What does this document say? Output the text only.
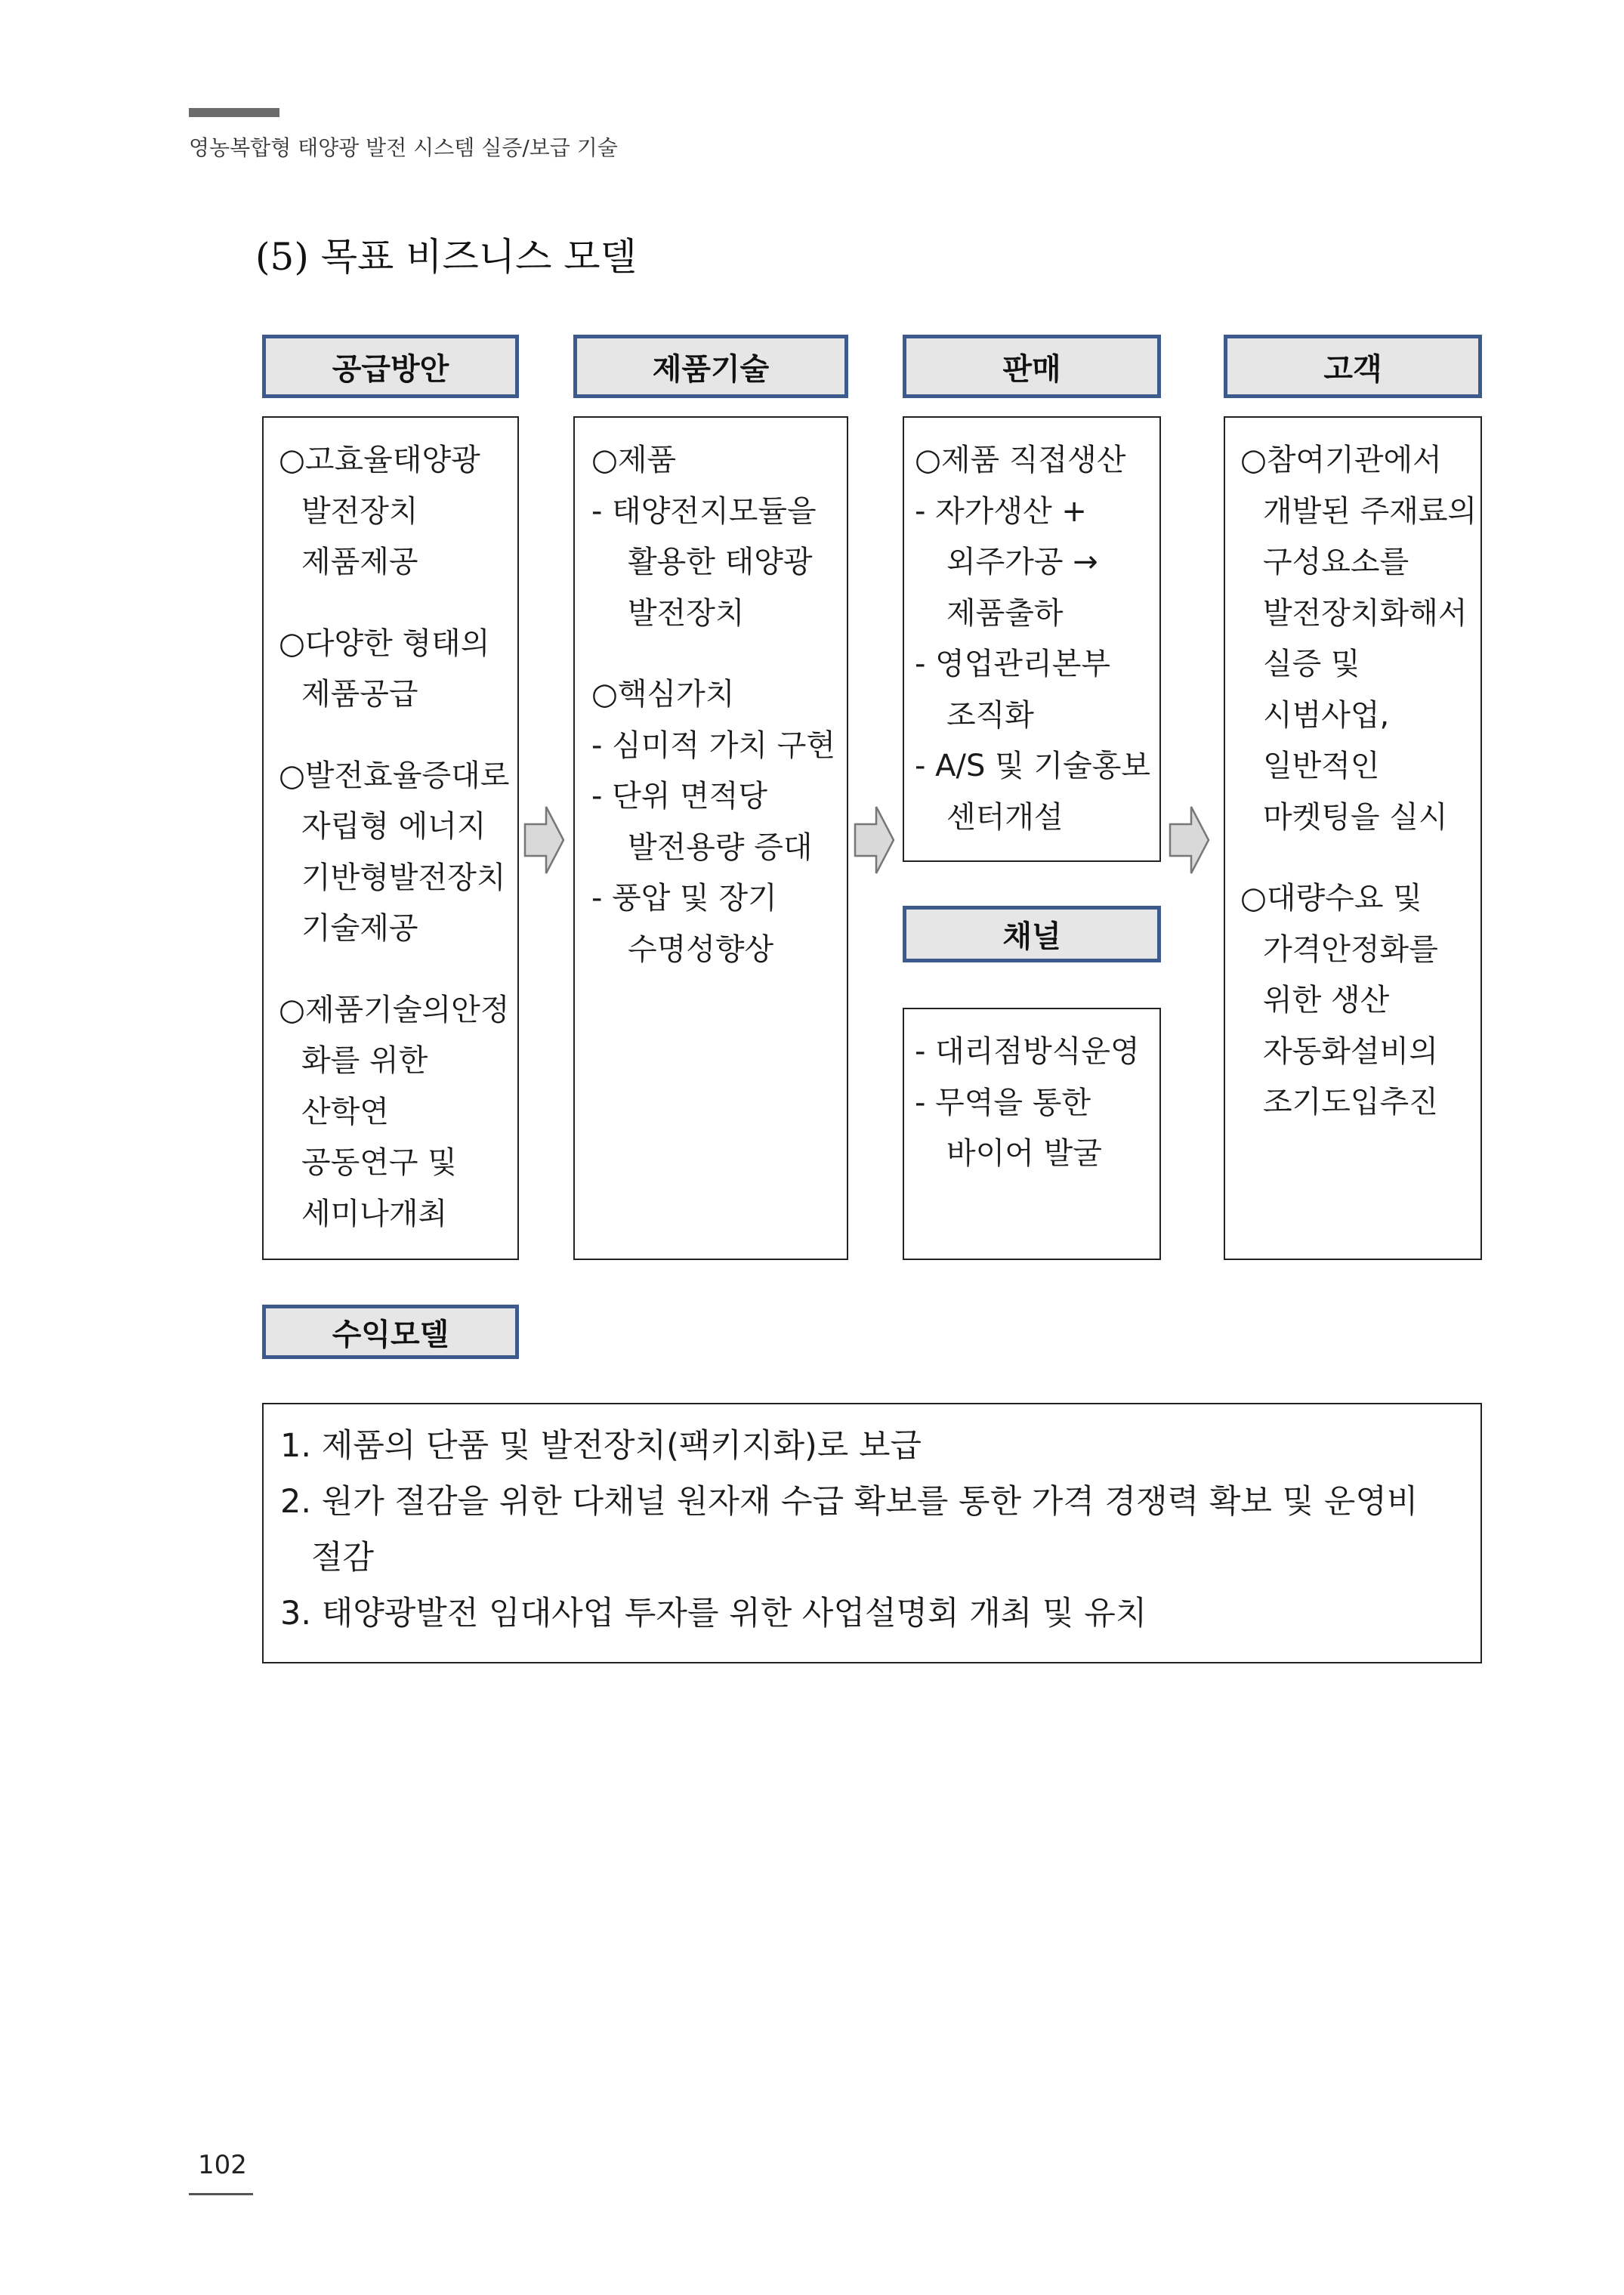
영농복합형 태양광 발전 시스템 실증/보급 기술
(5) 목표 비즈니스 모델
공급방안
○고효율태양광
발전장치
제품제공
○다양한 형태의
제품공급
○발전효율증대로
자립형 에너지
기반형발전장치
기술제공
○제품기술의안정
화를 위한
산학연
공동연구 및
세미나개최
제품기술
○제품
- 태양전지모듈을
활용한 태양광
발전장치
○핵심가치
- 심미적 가치 구현
- 단위 면적당
발전용량 증대
- 풍압 및 장기
수명성향상
판매
○제품 직접생산
- 자가생산 +
외주가공 →
제품출하
- 영업관리본부
조직화
- A/S 및 기술홍보
센터개설
채널
- 대리점방식운영
- 무역을 통한
바이어 발굴
고객
○참여기관에서
개발된 주재료의
구성요소를
발전장치화해서
실증 및
시범사업,
일반적인
마켓팅을 실시
○대량수요 및
가격안정화를
위한 생산
자동화설비의
조기도입추진
수익모델
1. 제품의 단품 및 발전장치(팩키지화)로 보급
2. 원가 절감을 위한 다채널 원자재 수급 확보를 통한 가격 경쟁력 확보 및 운영비
절감
3. 태양광발전 임대사업 투자를 위한 사업설명회 개최 및 유치
102
